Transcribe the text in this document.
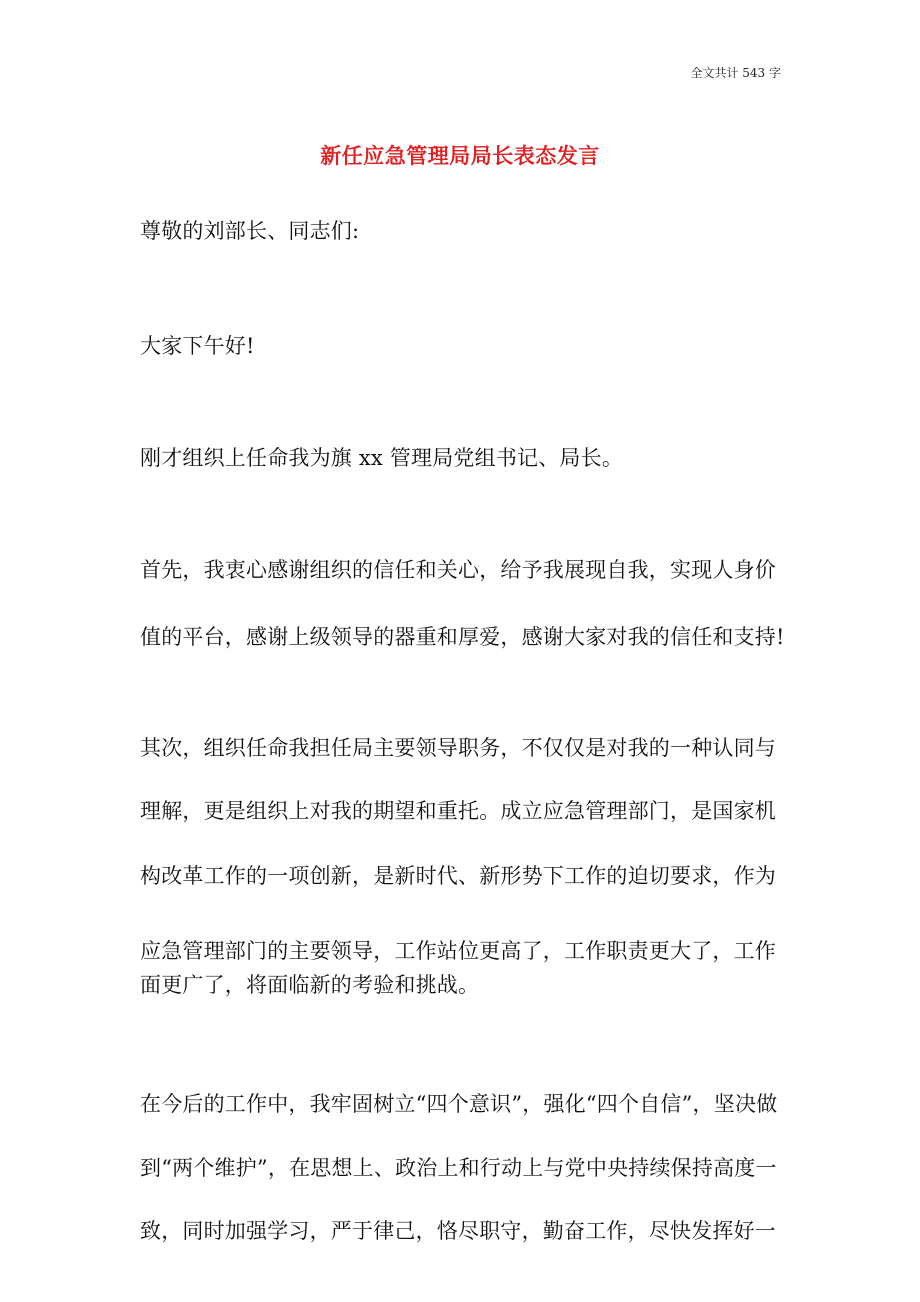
全文共计 543 字
新任应急管理局局长表态发言
尊敬的刘部长、同志们:
大家下午好!
刚才组织上任命我为旗 xx 管理局党组书记、局长。
首先，我衷心感谢组织的信任和关心，给予我展现自我，实现人身价
值的平台，感谢上级领导的器重和厚爱，感谢大家对我的信任和支持!
其次，组织任命我担任局主要领导职务，不仅仅是对我的一种认同与
理解，更是组织上对我的期望和重托。成立应急管理部门，是国家机
构改革工作的一项创新，是新时代、新形势下工作的迫切要求，作为
应急管理部门的主要领导，工作站位更高了，工作职责更大了，工作
面更广了，将面临新的考验和挑战。
在今后的工作中，我牢固树立“四个意识”，强化“四个自信”，坚决做
到“两个维护”，在思想上、政治上和行动上与党中央持续保持高度一
致，同时加强学习，严于律己，恪尽职守，勤奋工作，尽快发挥好一
